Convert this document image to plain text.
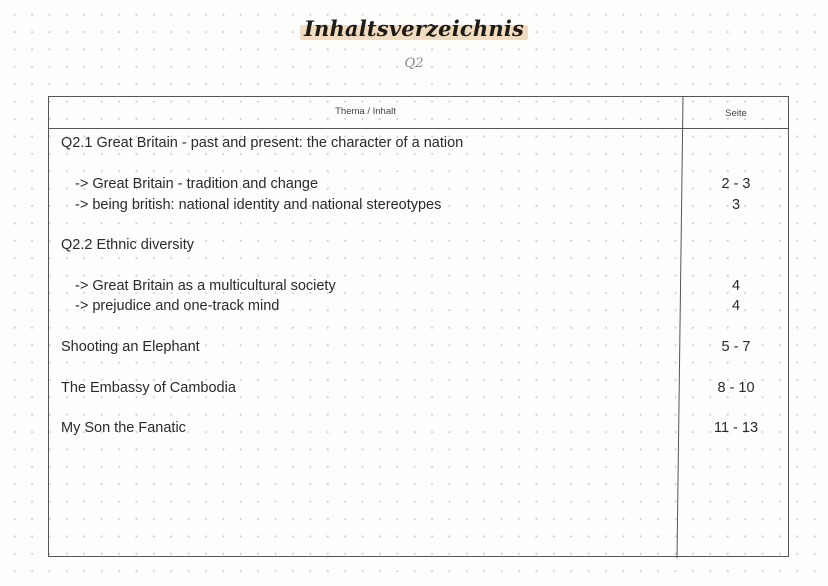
Inhaltsverzeichnis
Q2
Thema / Inhalt	Seite
Q2.1 Great Britain - past and present: the character of a nation
-> Great Britain - tradition and change	2 - 3
-> being british: national identity and national stereotypes	3
Q2.2 Ethnic diversity
-> Great Britain as a multicultural society	4
-> prejudice and one-track mind	4
Shooting an Elephant	5 - 7
The Embassy of Cambodia	8 - 10
My Son the Fanatic	11 - 13
